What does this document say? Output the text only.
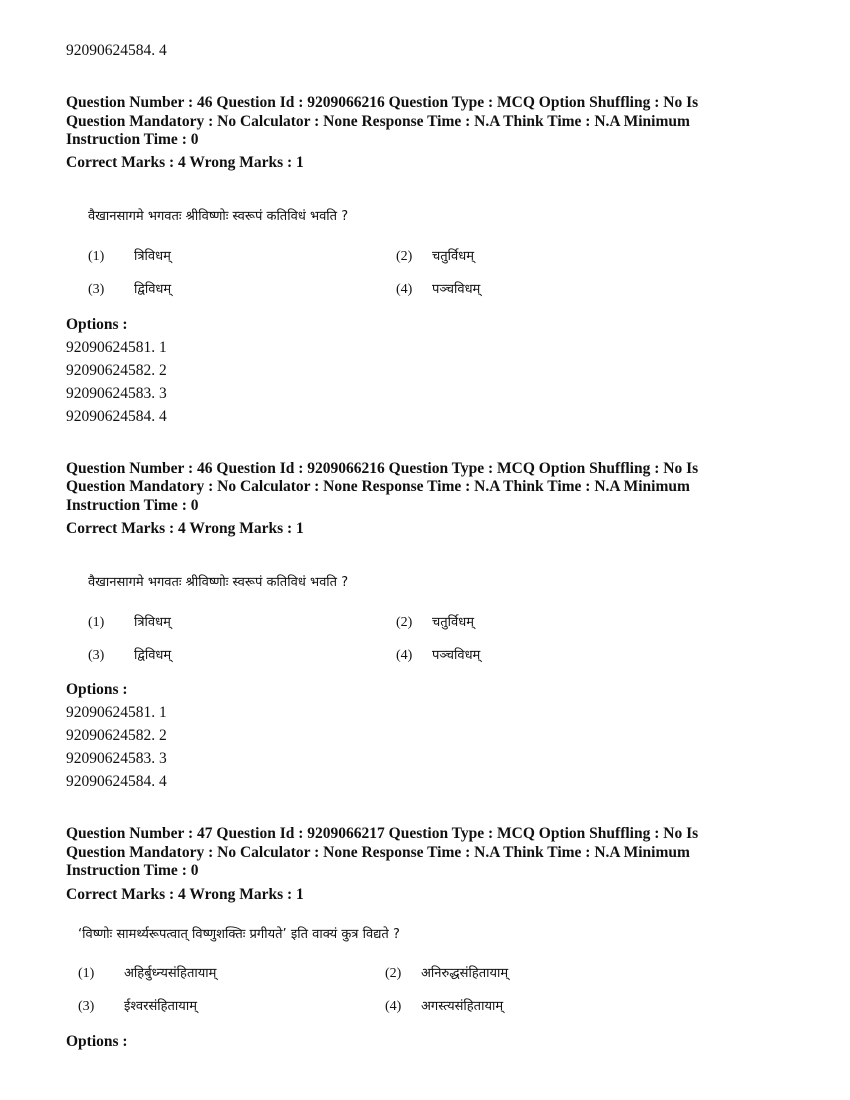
92090624584. 4
Question Number : 46 Question Id : 9209066216 Question Type : MCQ Option Shuffling : No Is
Question Mandatory : No Calculator : None Response Time : N.A Think Time : N.A Minimum
Instruction Time : 0
Correct Marks : 4 Wrong Marks : 1
वैखानसागमे भगवतः श्रीविष्णोः स्वरूपं कतिविधं भवति ?
(1) त्रिविधम्	(2) चतुर्विधम्
(3) द्विविधम्	(4) पञ्चविधम्
Options :
92090624581. 1
92090624582. 2
92090624583. 3
92090624584. 4
Question Number : 46 Question Id : 9209066216 Question Type : MCQ Option Shuffling : No Is
Question Mandatory : No Calculator : None Response Time : N.A Think Time : N.A Minimum
Instruction Time : 0
Correct Marks : 4 Wrong Marks : 1
वैखानसागमे भगवतः श्रीविष्णोः स्वरूपं कतिविधं भवति ?
(1) त्रिविधम्	(2) चतुर्विधम्
(3) द्विविधम्	(4) पञ्चविधम्
Options :
92090624581. 1
92090624582. 2
92090624583. 3
92090624584. 4
Question Number : 47 Question Id : 9209066217 Question Type : MCQ Option Shuffling : No Is
Question Mandatory : No Calculator : None Response Time : N.A Think Time : N.A Minimum
Instruction Time : 0
Correct Marks : 4 Wrong Marks : 1
‘विष्णोः सामर्थ्यरूपत्वात् विष्णुशक्तिः प्रगीयते’ इति वाक्यं कुत्र विद्यते ?
(1) अहिर्बुध्न्यसंहितायाम्	(2) अनिरुद्धसंहितायाम्
(3) ईश्वरसंहितायाम्	(4) अगस्त्यसंहितायाम्
Options :
